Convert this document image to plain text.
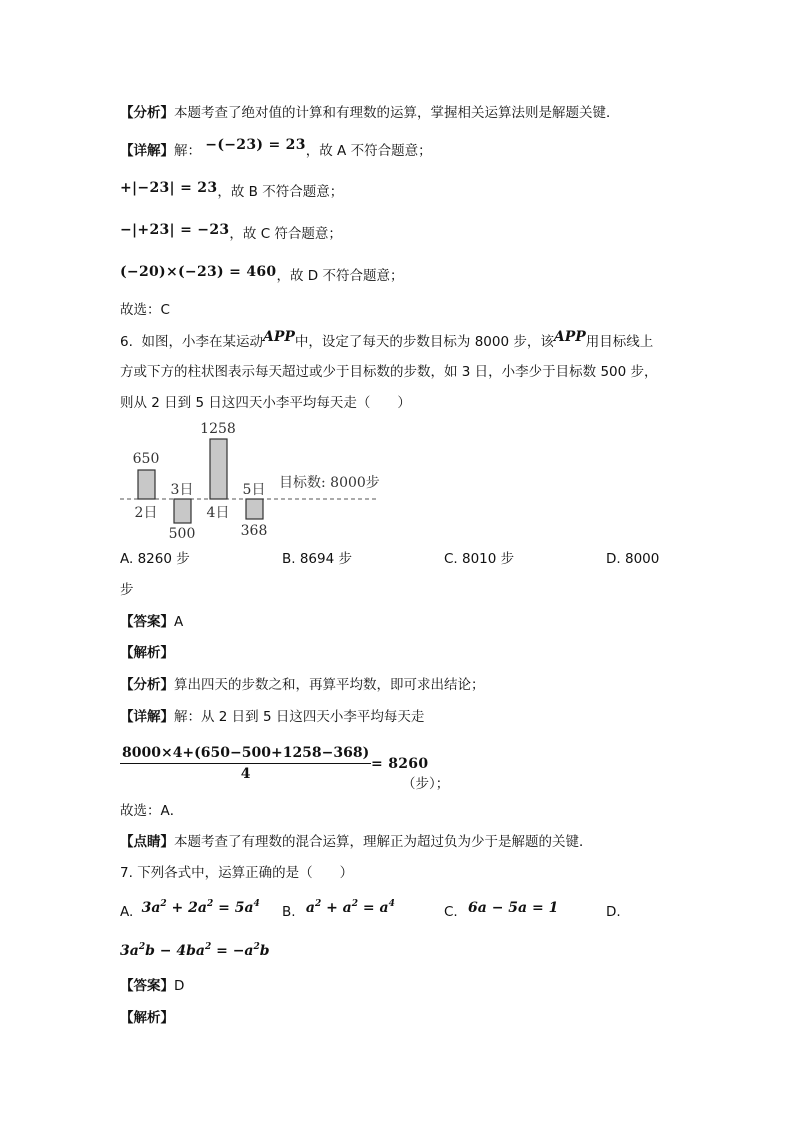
【分析】本题考查了绝对值的计算和有理数的运算，掌握相关运算法则是解题关键．
【详解】解： −(−23) = 23，故 A 不符合题意；
+|−23| = 23，故 B 不符合题意；
−|+23| = −23，故 C 符合题意；
(−20)×(−23) = 460，故 D 不符合题意；
故选：C
6. 如图，小李在某运动APP中，设定了每天的步数目标为 8000 步，该APP用目标线上
方或下方的柱状图表示每天超过或少于目标数的步数，如 3 日，小李少于目标数 500 步，
则从 2 日到 5 日这四天小李平均每天走（　　）
650
2日
3日
500
1258
4日
5日
368
目标数: 8000步
A. 8260 步	B. 8694 步	C. 8010 步	D. 8000
步
【答案】A
【解析】
【分析】算出四天的步数之和，再算平均数，即可求出结论；
【详解】解：从 2 日到 5 日这四天小李平均每天走
$\frac{8000\times 4+(650-500+1258-368)}{4} = 8260$
（步）；
故选：A．
【点睛】本题考查了有理数的混合运算，理解正为超过负为少于是解题的关键．
7. 下列各式中，运算正确的是（　　）
A. $3a^2 + 2a^2 = 5a^4$ B. $a^2 + a^2 = a^4$	C. 6a − 5a = 1	D.
$3a^2b - 4ba^2 = -a^2b$
【答案】D
【解析】
